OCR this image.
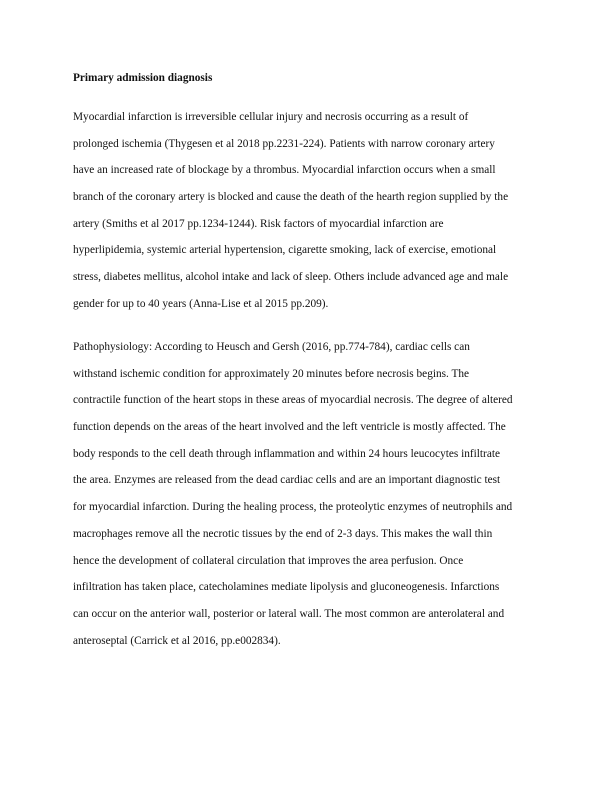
Primary admission diagnosis

Myocardial infarction is irreversible cellular injury and necrosis occurring as a result of
prolonged ischemia (Thygesen et al 2018 pp.2231-224). Patients with narrow coronary artery
have an increased rate of blockage by a thrombus. Myocardial infarction occurs when a small
branch of the coronary artery is blocked and cause the death of the hearth region supplied by the
artery (Smiths et al 2017 pp.1234-1244). Risk factors of myocardial infarction are
hyperlipidemia, systemic arterial hypertension, cigarette smoking, lack of exercise, emotional
stress, diabetes mellitus, alcohol intake and lack of sleep. Others include advanced age and male
gender for up to 40 years (Anna-Lise et al 2015 pp.209).
Pathophysiology: According to Heusch and Gersh (2016, pp.774-784), cardiac cells can
withstand ischemic condition for approximately 20 minutes before necrosis begins. The
contractile function of the heart stops in these areas of myocardial necrosis. The degree of altered
function depends on the areas of the heart involved and the left ventricle is mostly affected. The
body responds to the cell death through inflammation and within 24 hours leucocytes infiltrate
the area. Enzymes are released from the dead cardiac cells and are an important diagnostic test
for myocardial infarction. During the healing process, the proteolytic enzymes of neutrophils and
macrophages remove all the necrotic tissues by the end of 2-3 days. This makes the wall thin
hence the development of collateral circulation that improves the area perfusion. Once
infiltration has taken place, catecholamines mediate lipolysis and gluconeogenesis. Infarctions
can occur on the anterior wall, posterior or lateral wall. The most common are anterolateral and
anteroseptal (Carrick et al 2016, pp.e002834).
